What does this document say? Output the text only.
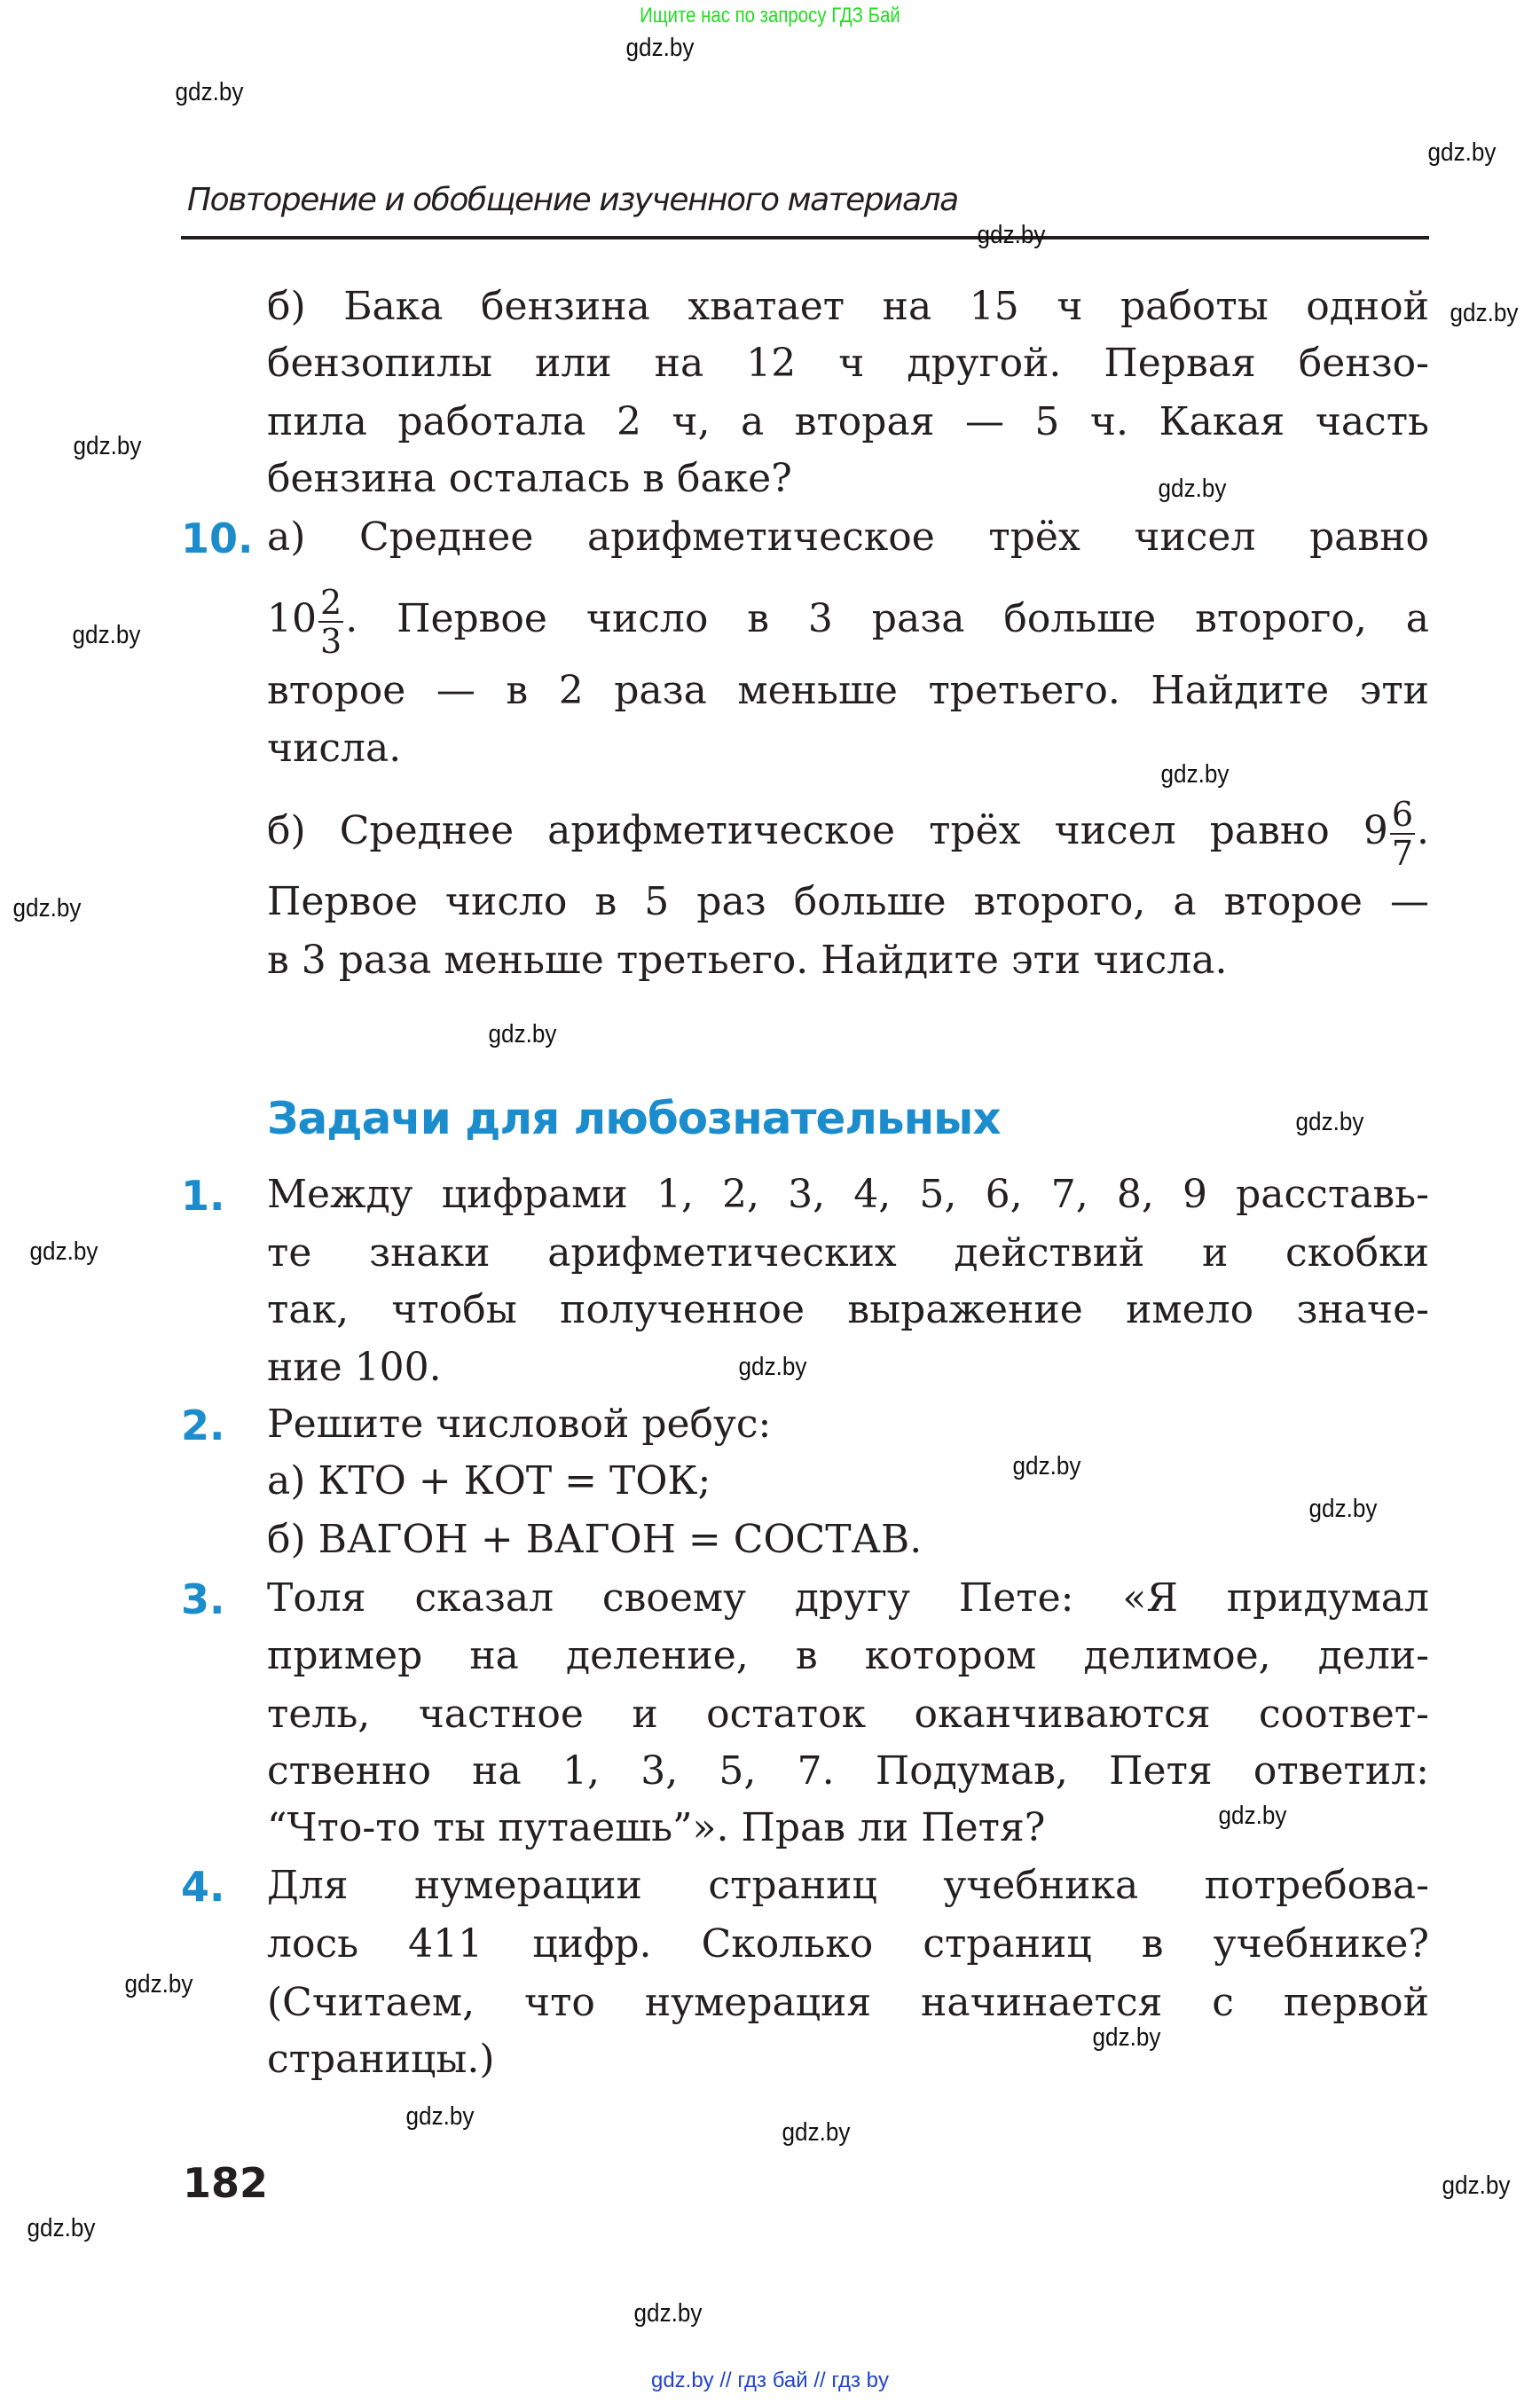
Ищите нас по запросу ГДЗ Бай
Повторение и обобщение изученного материала
б) Бака бензина хватает на 15 ч работы одной
бензопилы или на 12 ч другой. Первая бензо-
пила работала 2 ч, а вторая — 5 ч. Какая часть
бензина осталась в баке?
10. а) Среднее арифметическое трёх чисел равно
$10 \frac{2}{3}$ . Первое число в 3 раза больше второго, а
второе — в 2 раза меньше третьего. Найдите эти
числа.
б) Среднее арифметическое трёх чисел равно $9 \frac{6}{7}$ .
Первое число в 5 раз больше второго, а второе —
в 3 раза меньше третьего. Найдите эти числа.
Задачи для любознательных
1. Между цифрами 1, 2, 3, 4, 5, 6, 7, 8, 9 расставь-
те знаки арифметических действий и скобки
так, чтобы полученное выражение имело значе-
ние 100.
2. Решите числовой ребус:
а) КТО + КОТ = ТОК;
б) ВАГОН + ВАГОН = СОСТАВ.
3. Толя сказал своему другу Пете: «Я придумал
пример на деление, в котором делимое, дели-
тель, частное и остаток оканчиваются соответ-
ственно на 1, 3, 5, 7. Подумав, Петя ответил:
“Что-то ты путаешь”». Прав ли Петя?
4. Для нумерации страниц учебника потребова-
лось 411 цифр. Сколько страниц в учебнике?
(Считаем, что нумерация начинается с первой
страницы.)
182
gdz.by
gdz.by
gdz.by
gdz.by
gdz.by
gdz.by
gdz.by
gdz.by
gdz.by
gdz.by
gdz.by
gdz.by
gdz.by
gdz.by
gdz.by
gdz.by
gdz.by
gdz.by
gdz.by
gdz.by
gdz.by
gdz.by
gdz.by
gdz.by
gdz.by // гдз бай // гдз by
